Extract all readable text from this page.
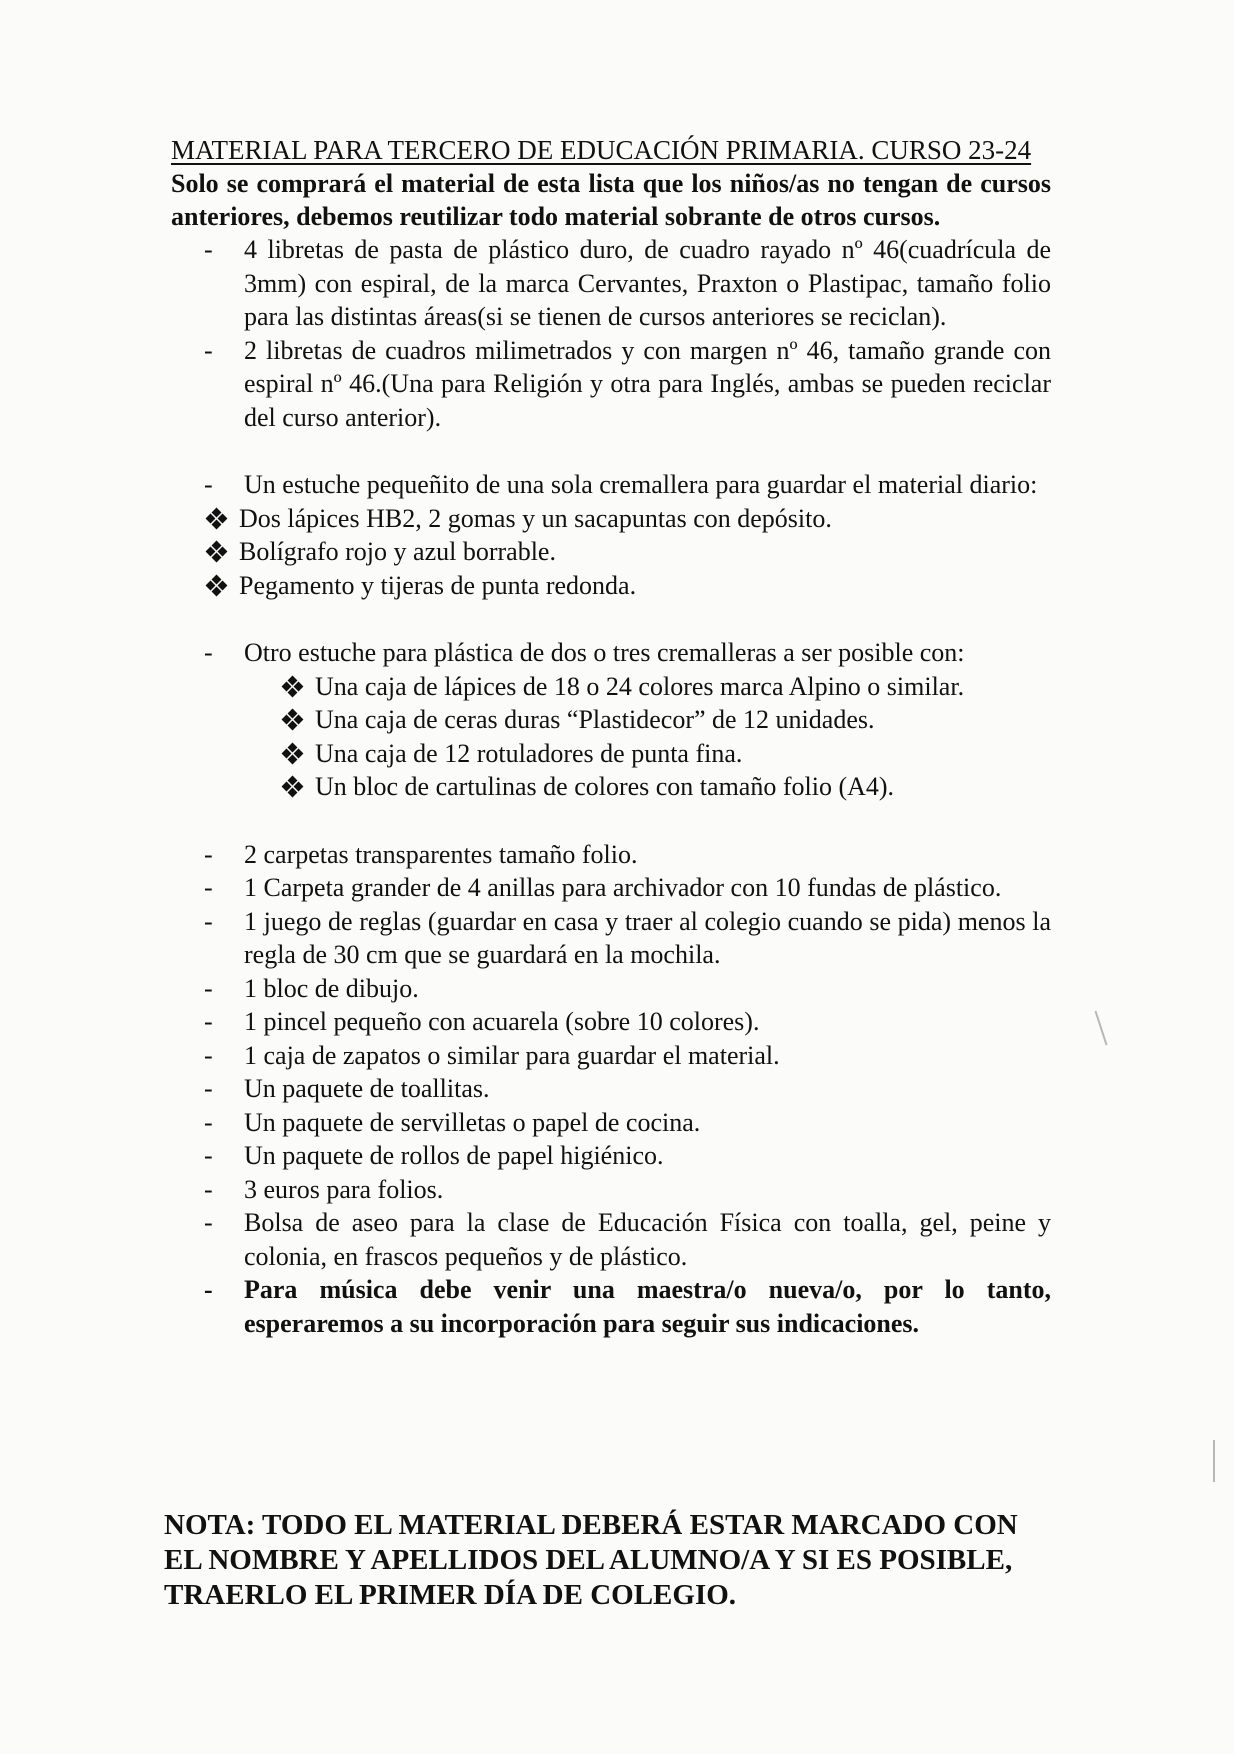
MATERIAL PARA TERCERO DE EDUCACIÓN PRIMARIA. CURSO 23-24

Solo se comprará el material de esta lista que los niños/as no tengan de cursos anteriores, debemos reutilizar todo material sobrante de otros cursos.

- 4 libretas de pasta de plástico duro, de cuadro rayado nº 46(cuadrícula de 3mm) con espiral, de la marca Cervantes, Praxton o Plastipac, tamaño folio para las distintas áreas(si se tienen de cursos anteriores se reciclan).
- 2 libretas de cuadros milimetrados y con margen nº 46, tamaño grande con espiral nº 46.(Una para Religión y otra para Inglés, ambas se pueden reciclar del curso anterior).
- Un estuche pequeñito de una sola cremallera para guardar el material diario:
Dos lápices HB2, 2 gomas y un sacapuntas con depósito.
Bolígrafo rojo y azul borrable.
Pegamento y tijeras de punta redonda.
- Otro estuche para plástica de dos o tres cremalleras a ser posible con:
Una caja de lápices de 18 o 24 colores marca Alpino o similar.
Una caja de ceras duras “Plastidecor” de 12 unidades.
Una caja de 12 rotuladores de punta fina.
Un bloc de cartulinas de colores con tamaño folio (A4).
- 2 carpetas transparentes tamaño folio.
- 1 Carpeta grander de 4 anillas para archivador con 10 fundas de plástico.
- 1 juego de reglas (guardar en casa y traer al colegio cuando se pida) menos la regla de 30 cm que se guardará en la mochila.
- 1 bloc de dibujo.
- 1 pincel pequeño con acuarela (sobre 10 colores).
- 1 caja de zapatos o similar para guardar el material.
- Un paquete de toallitas.
- Un paquete de servilletas o papel de cocina.
- Un paquete de rollos de papel higiénico.
- 3 euros para folios.
- Bolsa de aseo para la clase de Educación Física con toalla, gel, peine y colonia, en frascos pequeños y de plástico.
- Para música debe venir una maestra/o nueva/o, por lo tanto, esperaremos a su incorporación para seguir sus indicaciones.

NOTA: TODO EL MATERIAL DEBERÁ ESTAR MARCADO CON EL NOMBRE Y APELLIDOS DEL ALUMNO/A Y SI ES POSIBLE, TRAERLO EL PRIMER DÍA DE COLEGIO.
